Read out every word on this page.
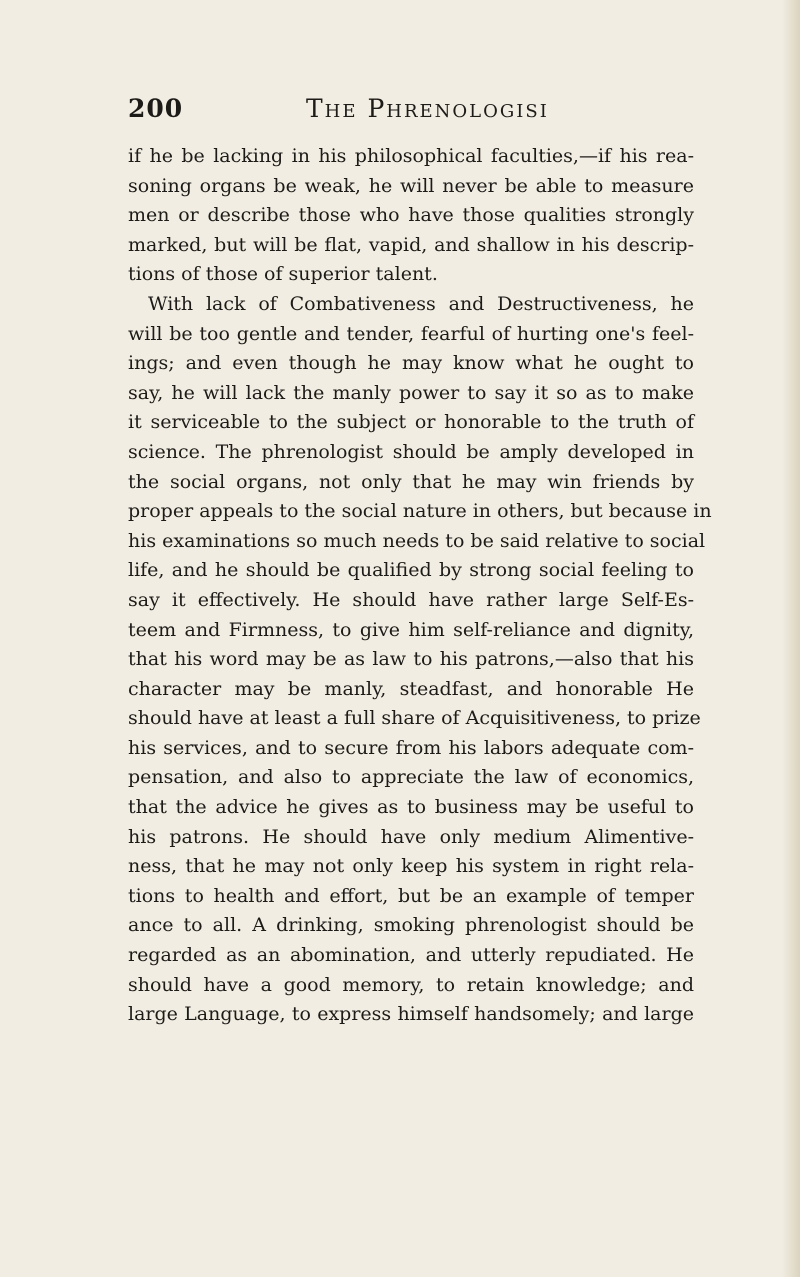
200	The Phrenologisi
if he be lacking in his philosophical faculties,—if his rea-
soning organs be weak, he will never be able to measure
men or describe those who have those qualities strongly
marked, but will be flat, vapid, and shallow in his descrip-
tions of those of superior talent.
With lack of Combativeness and Destructiveness, he
will be too gentle and tender, fearful of hurting one's feel-
ings; and even though he may know what he ought to
say, he will lack the manly power to say it so as to make
it serviceable to the subject or honorable to the truth of
science. The phrenologist should be amply developed in
the social organs, not only that he may win friends by
proper appeals to the social nature in others, but because in
his examinations so much needs to be said relative to social
life, and he should be qualified by strong social feeling to
say it effectively. He should have rather large Self-Es-
teem and Firmness, to give him self-reliance and dignity,
that his word may be as law to his patrons,—also that his
character may be manly, steadfast, and honorable He
should have at least a full share of Acquisitiveness, to prize
his services, and to secure from his labors adequate com-
pensation, and also to appreciate the law of economics,
that the advice he gives as to business may be useful to
his patrons. He should have only medium Alimentive-
ness, that he may not only keep his system in right rela-
tions to health and effort, but be an example of temper
ance to all. A drinking, smoking phrenologist should be
regarded as an abomination, and utterly repudiated. He
should have a good memory, to retain knowledge; and
large Language, to express himself handsomely; and large
